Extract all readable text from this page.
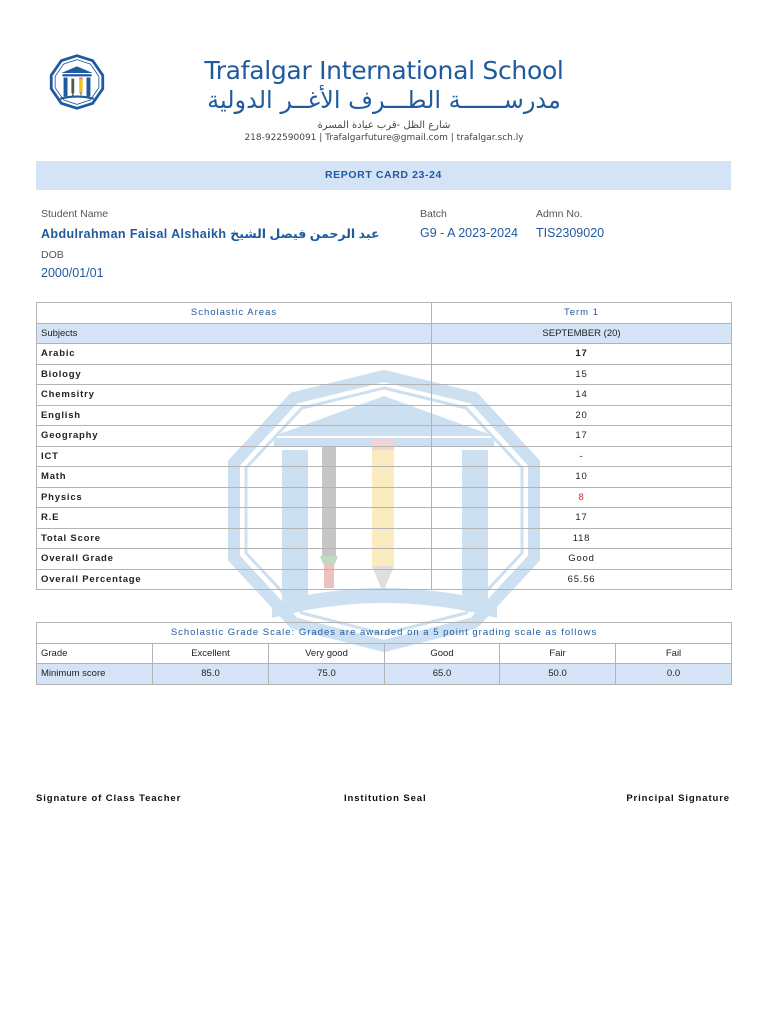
Trafalgar International School
مدرســــــة الطـــرف الأغــر الدولية
شارع الظل -قرب عيادة المسرة
218-922590091 | Trafalgarfuture@gmail.com | trafalgar.sch.ly
REPORT CARD 23-24
Student Name
Abdulrahman Faisal Alshaikh عبد الرحمن فيصل الشيخ
Batch
G9 - A 2023-2024
Admn No.
TIS2309020
DOB
2000/01/01
Scholastic Areas	Term 1
Subjects	SEPTEMBER (20)
Arabic	17
Biology	15
Chemsitry	14
English	20
Geography	17
ICT	-
Math	10
Physics	8
R.E	17
Total Score	118
Overall Grade	Good
Overall Percentage	65.56
Scholastic Grade Scale: Grades are awarded on a 5 point grading scale as follows					
Grade	Excellent	Very good	Good	Fair	Fail
Minimum score	85.0	75.0	65.0	50.0	0.0
Signature of Class Teacher	Institution Seal	Principal Signature
